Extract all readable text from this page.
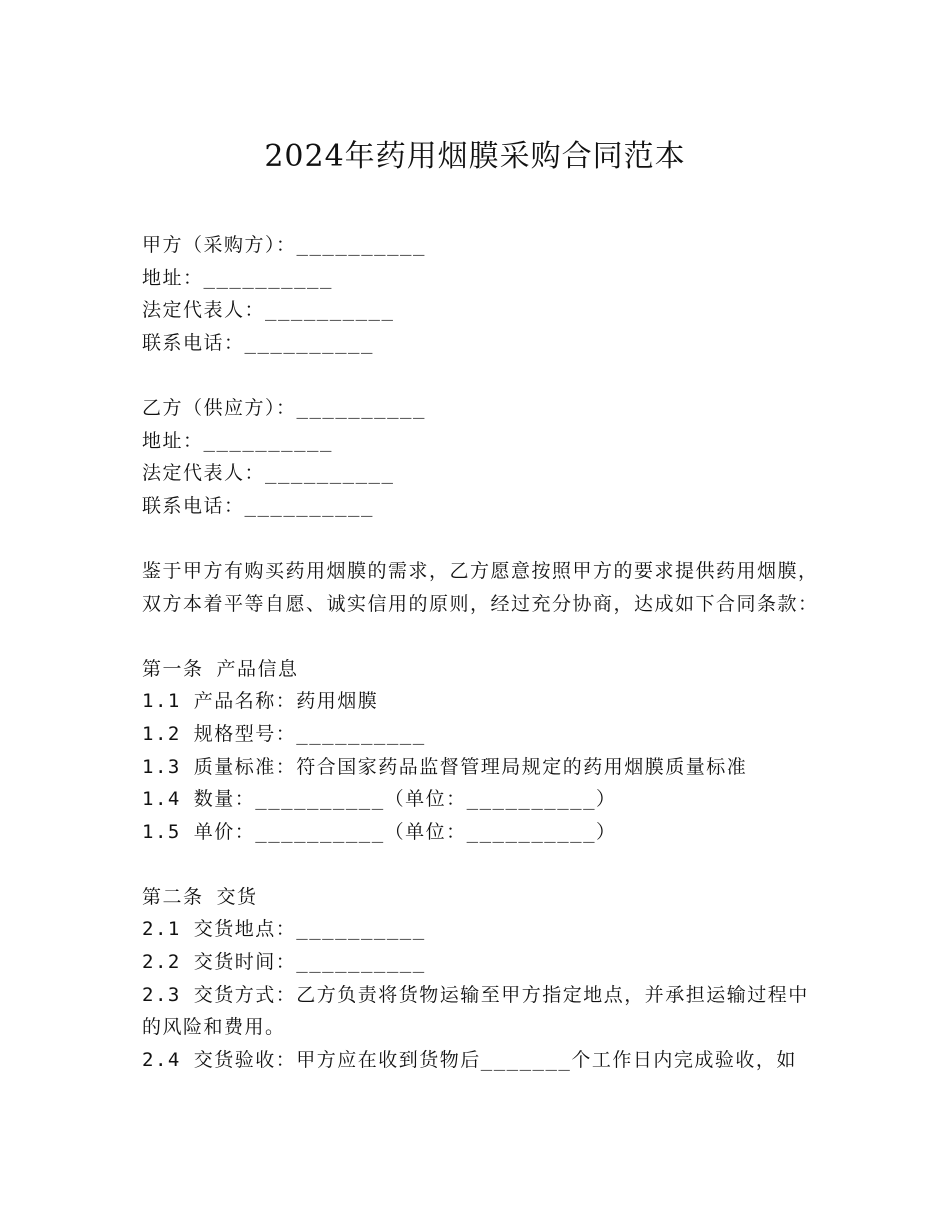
2024年药用烟膜采购合同范本
甲方（采购方）：__________
地址：__________
法定代表人：__________
联系电话：__________
乙方（供应方）：__________
地址：__________
法定代表人：__________
联系电话：__________
鉴于甲方有购买药用烟膜的需求，乙方愿意按照甲方的要求提供药用烟膜，双方本着平等自愿、诚实信用的原则，经过充分协商，达成如下合同条款：
第一条 产品信息
1.1 产品名称：药用烟膜
1.2 规格型号：__________
1.3 质量标准：符合国家药品监督管理局规定的药用烟膜质量标准
1.4 数量：__________（单位：__________）
1.5 单价：__________（单位：__________）
第二条 交货
2.1 交货地点：__________
2.2 交货时间：__________
2.3 交货方式：乙方负责将货物运输至甲方指定地点，并承担运输过程中的风险和费用。
2.4 交货验收：甲方应在收到货物后_______个工作日内完成验收，如
